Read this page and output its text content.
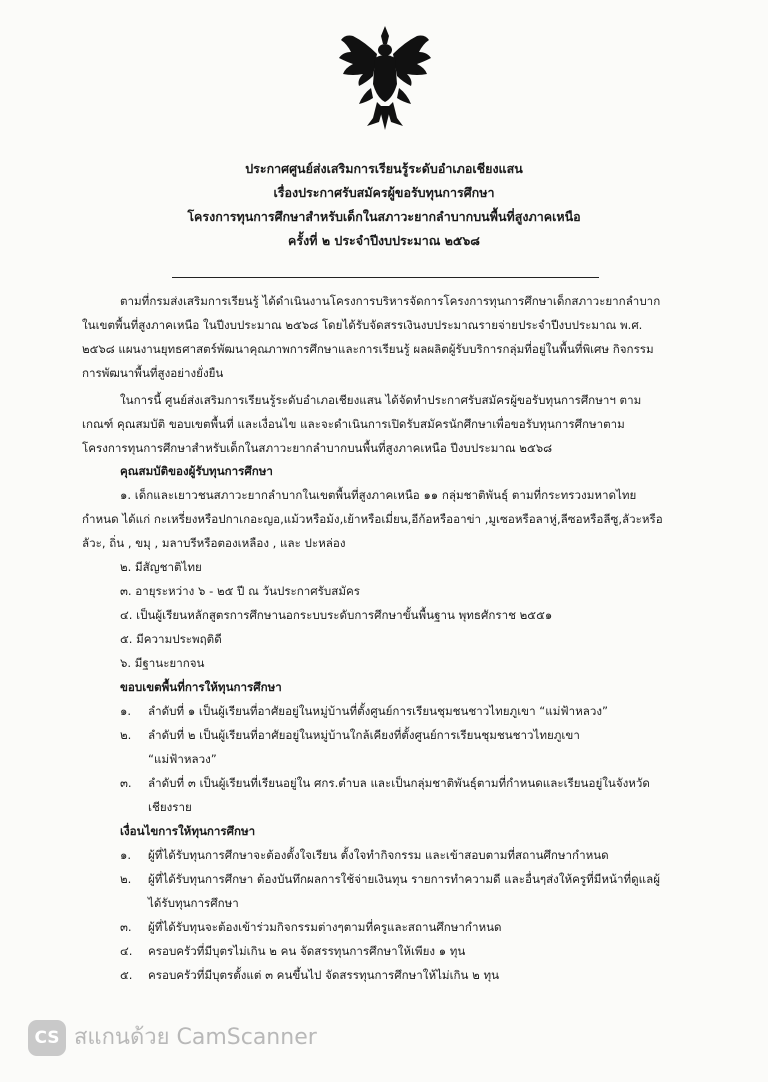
ประกาศศูนย์ส่งเสริมการเรียนรู้ระดับอำเภอเชียงแสน
เรื่องประกาศรับสมัครผู้ขอรับทุนการศึกษา
โครงการทุนการศึกษาสำหรับเด็กในสภาวะยากลำบากบนพื้นที่สูงภาคเหนือ
ครั้งที่ ๒ ประจำปีงบประมาณ ๒๕๖๘
ตามที่กรมส่งเสริมการเรียนรู้ ได้ดำเนินงานโครงการบริหารจัดการโครงการทุนการศึกษาเด็กสภาวะยากลำบาก
ในเขตพื้นที่สูงภาคเหนือ ในปีงบประมาณ ๒๕๖๘ โดยได้รับจัดสรรเงินงบประมาณรายจ่ายประจำปีงบประมาณ พ.ศ.
๒๕๖๘ แผนงานยุทธศาสตร์พัฒนาคุณภาพการศึกษาและการเรียนรู้ ผลผลิตผู้รับบริการกลุ่มที่อยู่ในพื้นที่พิเศษ กิจกรรม
การพัฒนาพื้นที่สูงอย่างยั่งยืน
ในการนี้ ศูนย์ส่งเสริมการเรียนรู้ระดับอำเภอเชียงแสน ได้จัดทำประกาศรับสมัครผู้ขอรับทุนการศึกษาฯ ตาม
เกณฑ์ คุณสมบัติ ขอบเขตพื้นที่ และเงื่อนไข และจะดำเนินการเปิดรับสมัครนักศึกษาเพื่อขอรับทุนการศึกษาตาม
โครงการทุนการศึกษาสำหรับเด็กในสภาวะยากลำบากบนพื้นที่สูงภาคเหนือ ปีงบประมาณ ๒๕๖๘
คุณสมบัติของผู้รับทุนการศึกษา
๑. เด็กและเยาวชนสภาวะยากลำบากในเขตพื้นที่สูงภาคเหนือ ๑๑ กลุ่มชาติพันธุ์ ตามที่กระทรวงมหาดไทย
กำหนด ได้แก่ กะเหรี่ยงหรือปกาเกอะญอ,แม้วหรือม้ง,เย้าหรือเมี่ยน,อีก้อหรืออาข่า ,มูเซอหรือลาหู่,ลีซอหรือลีซู,ลัวะหรือ
ลัวะ, ถิ่น , ขมุ , มลาบรีหรือตองเหลือง , และ ปะหล่อง
๒. มีสัญชาติไทย
๓. อายุระหว่าง ๖ - ๒๕ ปี ณ วันประกาศรับสมัคร
๔. เป็นผู้เรียนหลักสูตรการศึกษานอกระบบระดับการศึกษาขั้นพื้นฐาน พุทธศักราช ๒๕๕๑
๕. มีความประพฤติดี
๖. มีฐานะยากจน
ขอบเขตพื้นที่การให้ทุนการศึกษา
๑. ลำดับที่ ๑ เป็นผู้เรียนที่อาศัยอยู่ในหมู่บ้านที่ตั้งศูนย์การเรียนชุมชนชาวไทยภูเขา “แม่ฟ้าหลวง”
๒. ลำดับที่ ๒ เป็นผู้เรียนที่อาศัยอยู่ในหมู่บ้านใกล้เคียงที่ตั้งศูนย์การเรียนชุมชนชาวไทยภูเขา
“แม่ฟ้าหลวง”
๓. ลำดับที่ ๓ เป็นผู้เรียนที่เรียนอยู่ใน ศกร.ตำบล และเป็นกลุ่มชาติพันธุ์ตามที่กำหนดและเรียนอยู่ในจังหวัด
เชียงราย
เงื่อนไขการให้ทุนการศึกษา
๑. ผู้ที่ได้รับทุนการศึกษาจะต้องตั้งใจเรียน ตั้งใจทำกิจกรรม และเข้าสอบตามที่สถานศึกษากำหนด
๒. ผู้ที่ได้รับทุนการศึกษา ต้องบันทึกผลการใช้จ่ายเงินทุน รายการทำความดี และอื่นๆส่งให้ครูที่มีหน้าที่ดูแลผู้
ได้รับทุนการศึกษา
๓. ผู้ที่ได้รับทุนจะต้องเข้าร่วมกิจกรรมต่างๆตามที่ครูและสถานศึกษากำหนด
๔. ครอบครัวที่มีบุตรไม่เกิน ๒ คน จัดสรรทุนการศึกษาให้เพียง ๑ ทุน
๕. ครอบครัวที่มีบุตรตั้งแต่ ๓ คนขึ้นไป จัดสรรทุนการศึกษาให้ไม่เกิน ๒ ทุน
CS สแกนด้วย CamScanner
